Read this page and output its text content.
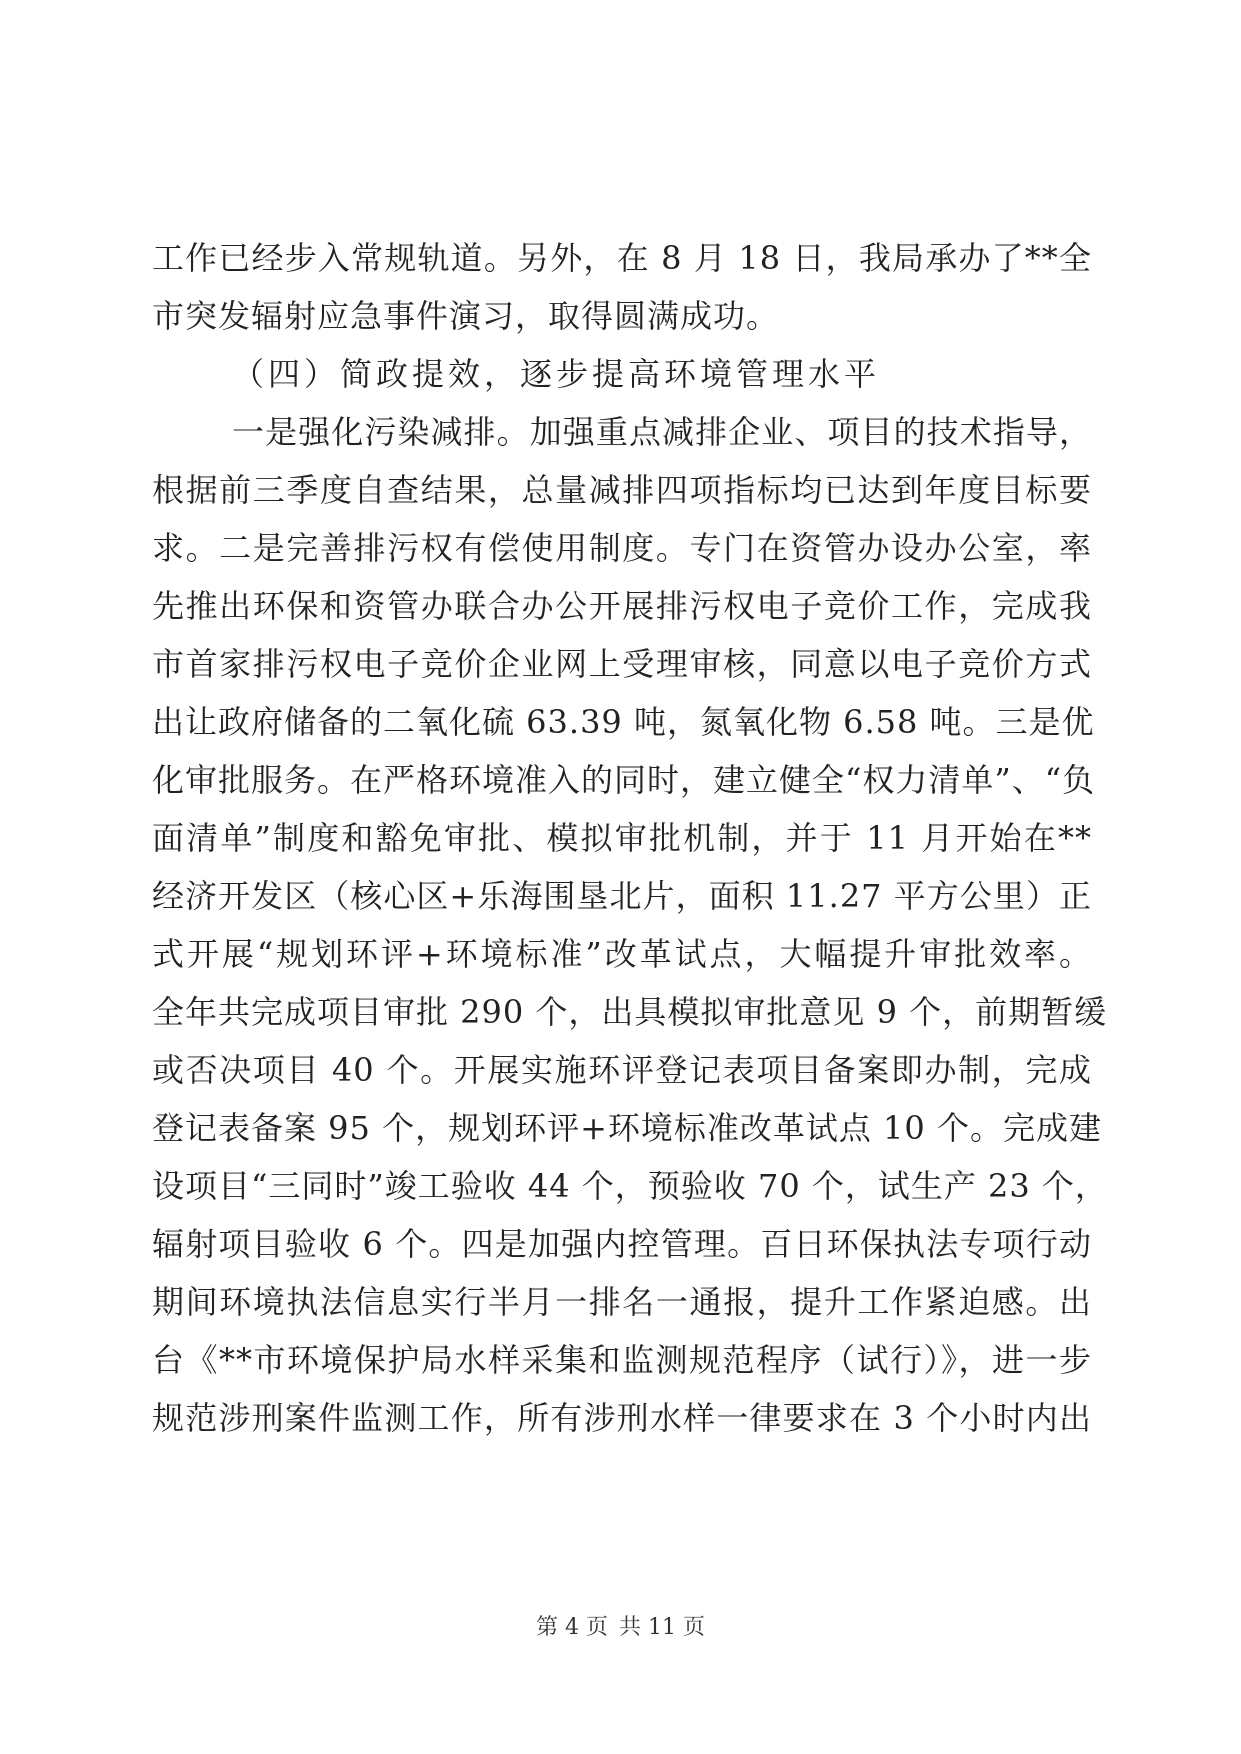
工作已经步入常规轨道。另外，在 8 月 18 日，我局承办了**全
市突发辐射应急事件演习，取得圆满成功。
（四）简政提效，逐步提高环境管理水平
一是强化污染减排。加强重点减排企业、项目的技术指导，
根据前三季度自查结果，总量减排四项指标均已达到年度目标要
求。二是完善排污权有偿使用制度。专门在资管办设办公室，率
先推出环保和资管办联合办公开展排污权电子竞价工作，完成我
市首家排污权电子竞价企业网上受理审核，同意以电子竞价方式
出让政府储备的二氧化硫 63.39 吨，氮氧化物 6.58 吨。三是优
化审批服务。在严格环境准入的同时，建立健全“权力清单”、“负
面清单”制度和豁免审批、模拟审批机制，并于 11 月开始在**
经济开发区（核心区+乐海围垦北片，面积 11.27 平方公里）正
式开展“规划环评+环境标准”改革试点，大幅提升审批效率。
全年共完成项目审批 290 个，出具模拟审批意见 9 个，前期暂缓
或否决项目 40 个。开展实施环评登记表项目备案即办制，完成
登记表备案 95 个，规划环评+环境标准改革试点 10 个。完成建
设项目“三同时”竣工验收 44 个，预验收 70 个，试生产 23 个，
辐射项目验收 6 个。四是加强内控管理。百日环保执法专项行动
期间环境执法信息实行半月一排名一通报，提升工作紧迫感。出
台《**市环境保护局水样采集和监测规范程序（试行）》，进一步
规范涉刑案件监测工作，所有涉刑水样一律要求在 3 个小时内出
第 4 页 共 11 页
